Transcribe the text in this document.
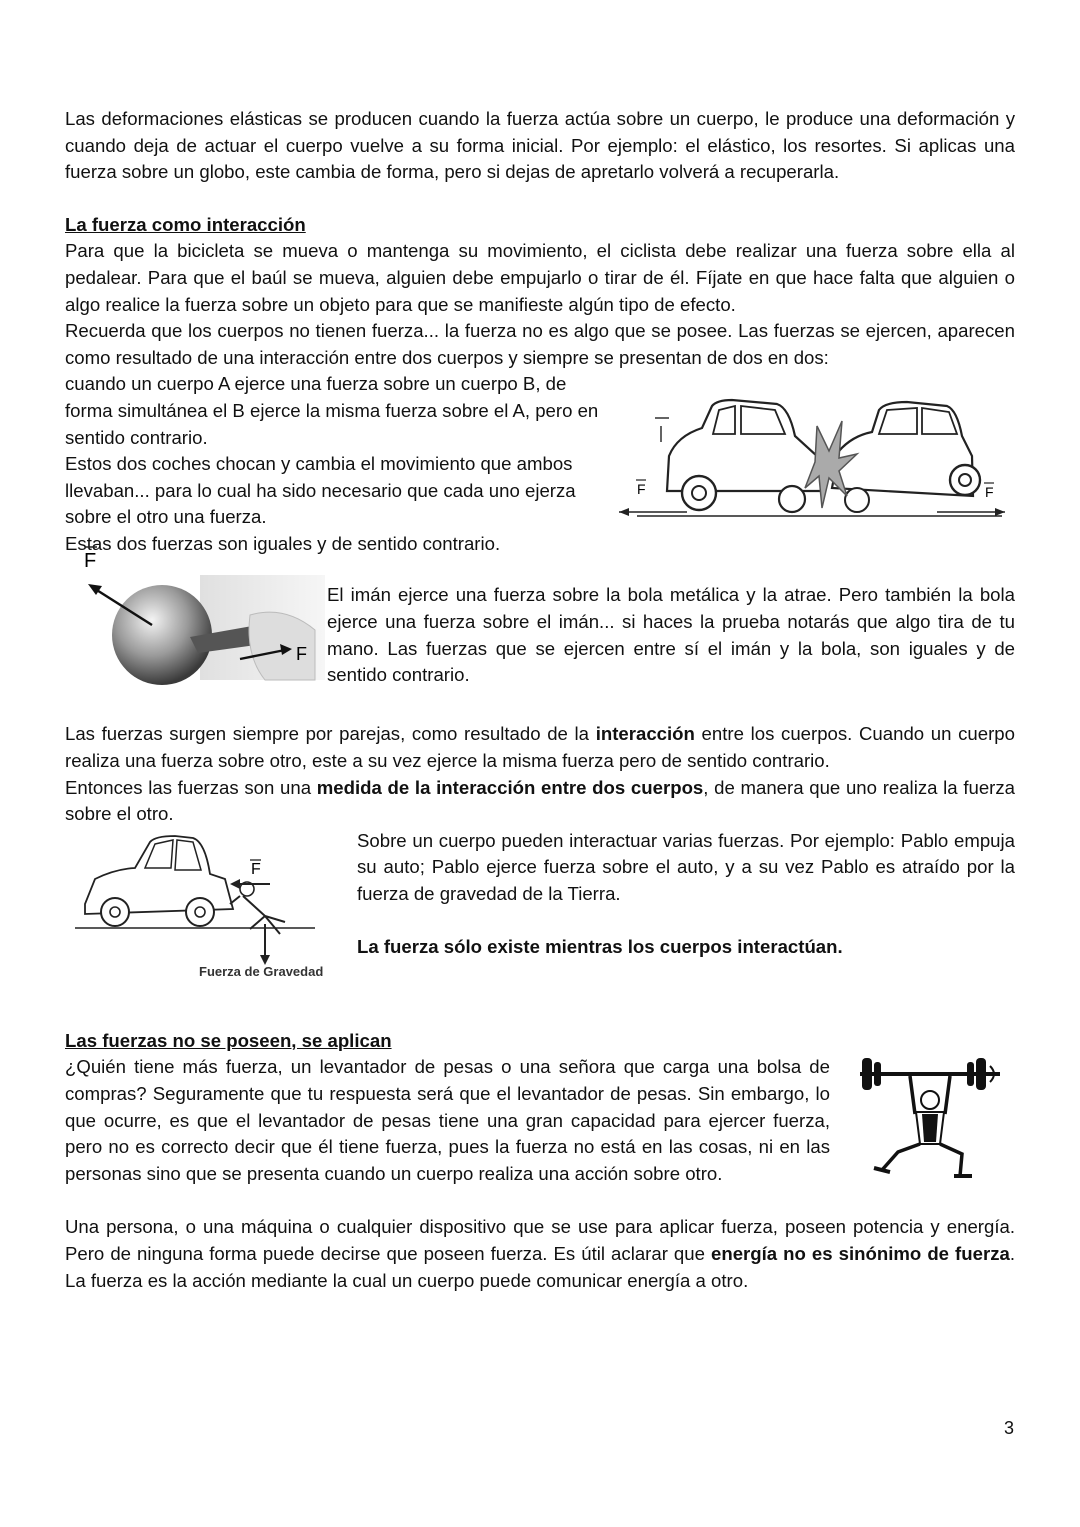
Las deformaciones elásticas se producen cuando la fuerza actúa sobre un cuerpo, le produce una deformación y cuando deja de actuar el cuerpo vuelve a su forma inicial. Por ejemplo: el elástico, los resortes. Si aplicas una fuerza sobre un globo, este cambia de forma, pero si dejas de apretarlo volverá a recuperarla.

La fuerza como interacción

Para que la bicicleta se mueva o mantenga su movimiento, el ciclista debe realizar una fuerza sobre ella al pedalear. Para que el baúl se mueva, alguien debe empujarlo o tirar de él. Fíjate en que hace falta que alguien o algo realice la fuerza sobre un objeto para que se manifieste algún tipo de efecto.

Recuerda que los cuerpos no tienen fuerza... la fuerza no es algo que se posee. Las fuerzas se ejercen, aparecen como resultado de una interacción entre dos cuerpos y siempre se presentan de dos en dos:

cuando un cuerpo A ejerce una fuerza sobre un cuerpo B, de forma simultánea el B ejerce la misma fuerza sobre el A, pero en sentido contrario.

Estos dos coches chocan y cambia el movimiento que ambos llevaban... para lo cual ha sido necesario que cada uno ejerza sobre el otro una fuerza.

Estas dos fuerzas son iguales y de sentido contrario.

F	F
F
F

El imán ejerce una fuerza sobre la bola metálica y la atrae. Pero también la bola ejerce una fuerza sobre el imán... si haces la prueba notarás que algo tira de tu mano. Las fuerzas que se ejercen entre sí el imán y la bola, son iguales y de sentido contrario.

Las fuerzas surgen siempre por parejas, como resultado de la interacción entre los cuerpos. Cuando un cuerpo realiza una fuerza sobre otro, este a su vez ejerce la misma fuerza pero de sentido contrario.

Entonces las fuerzas son una medida de la interacción entre dos cuerpos, de manera que uno realiza la fuerza sobre el otro.

F
Fuerza de Gravedad

Sobre un cuerpo pueden interactuar varias fuerzas. Por ejemplo: Pablo empuja su auto; Pablo ejerce fuerza sobre el auto, y a su vez Pablo es atraído por la fuerza de gravedad de la Tierra.

La fuerza sólo existe mientras los cuerpos interactúan.

Las fuerzas no se poseen, se aplican

¿Quién tiene más fuerza, un levantador de pesas o una señora que carga una bolsa de compras? Seguramente que tu respuesta será que el levantador de pesas. Sin embargo, lo que ocurre, es que el levantador de pesas tiene una gran capacidad para ejercer fuerza, pero no es correcto decir que él tiene fuerza, pues la fuerza no está en las cosas, ni en las personas sino que se presenta cuando un cuerpo realiza una acción sobre otro.

Una persona, o una máquina o cualquier dispositivo que se use para aplicar fuerza, poseen potencia y energía. Pero de ninguna forma puede decirse que poseen fuerza. Es útil aclarar que energía no es sinónimo de fuerza. La fuerza es la acción mediante la cual un cuerpo puede comunicar energía a otro.

3
